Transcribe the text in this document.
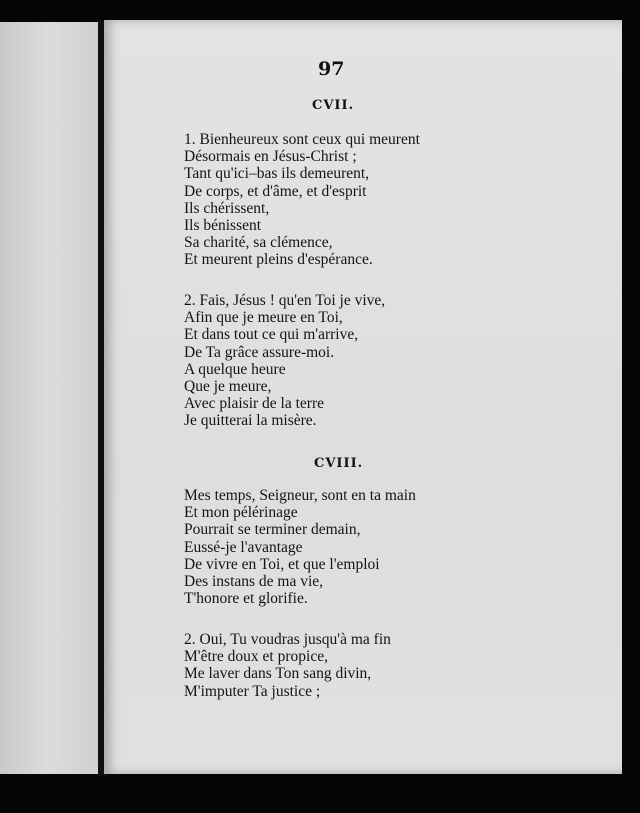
97
CVII.
1. Bienheureux sont ceux qui meurent
Désormais en Jésus-Christ ;
Tant qu'ici–bas ils demeurent,
De corps, et d'âme, et d'esprit
Ils chérissent,
Ils bénissent
Sa charité, sa clémence,
Et meurent pleins d'espérance.
2. Fais, Jésus ! qu'en Toi je vive,
Afin que je meure en Toi,
Et dans tout ce qui m'arrive,
De Ta grâce assure-moi.
A quelque heure
Que je meure,
Avec plaisir de la terre
Je quitterai la misère.
CVIII.
Mes temps, Seigneur, sont en ta main
Et mon pélérinage
Pourrait se terminer demain,
Eussé-je l'avantage
De vivre en Toi, et que l'emploi
Des instans de ma vie,
T'honore et glorifie.
2. Oui, Tu voudras jusqu'à ma fin
M'être doux et propice,
Me laver dans Ton sang divin,
M'imputer Ta justice ;
